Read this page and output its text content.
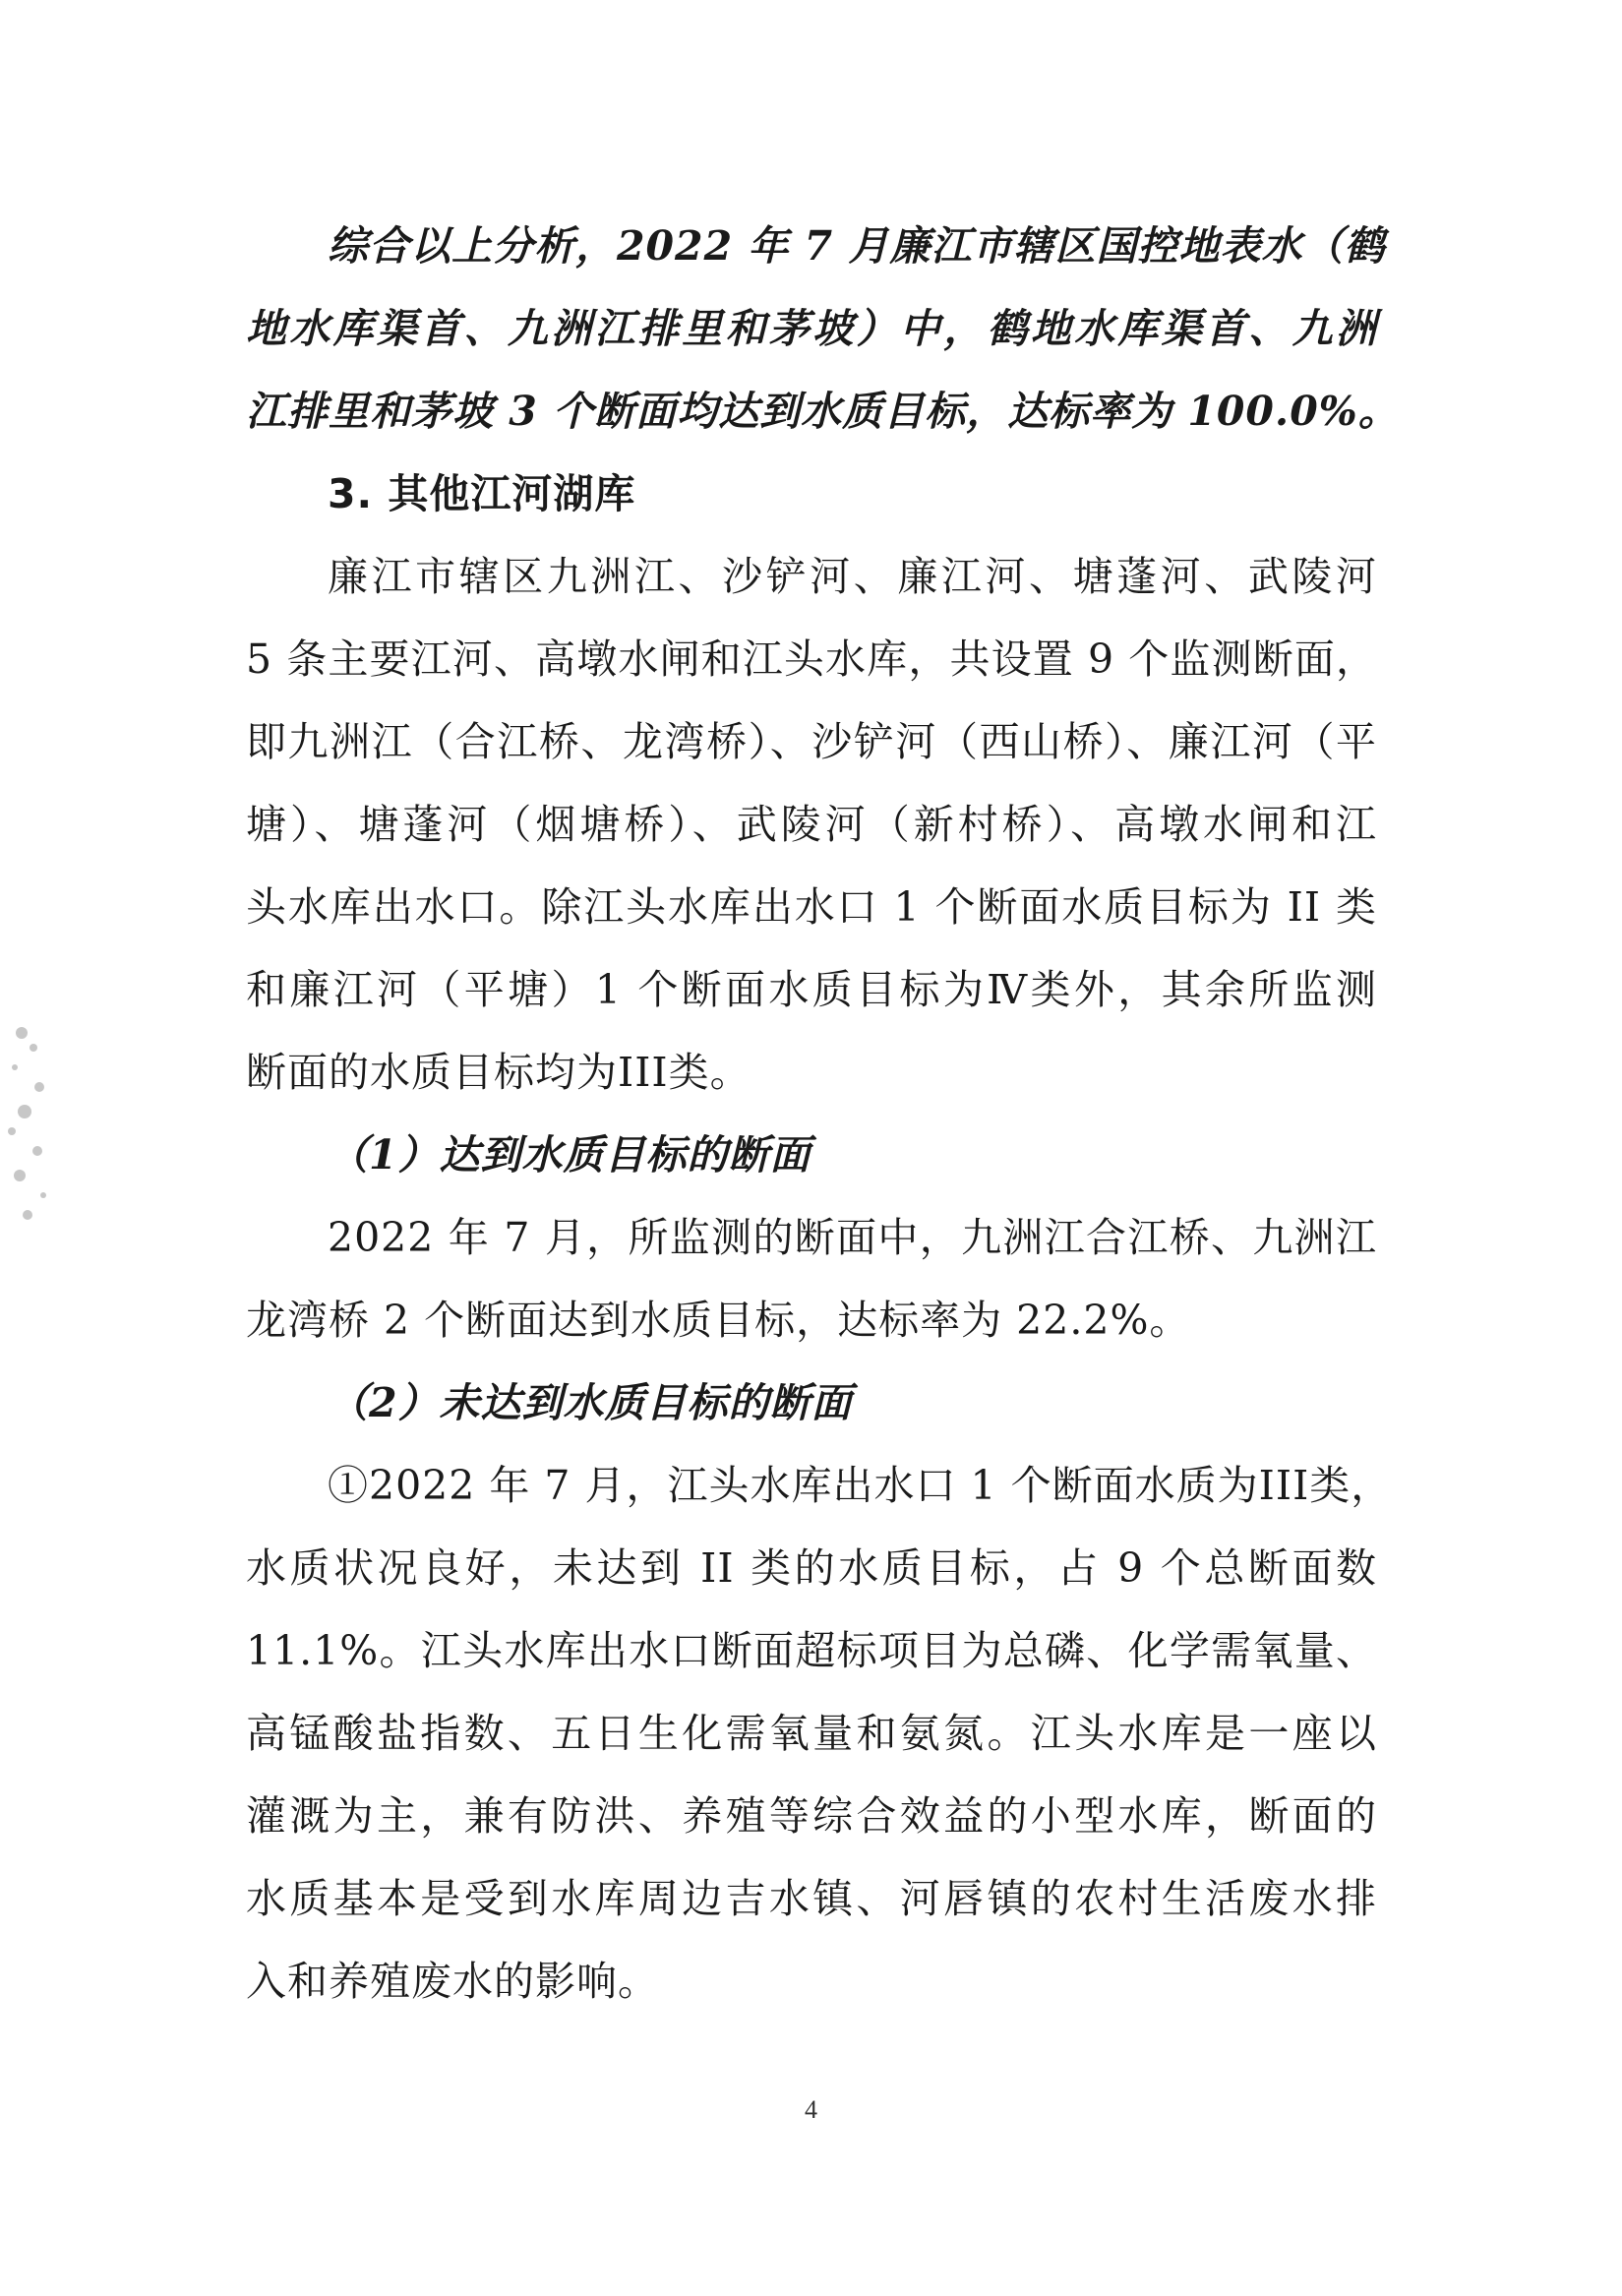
综合以上分析，2022 年 7 月廉江市辖区国控地表水（鹤
地水库渠首、九洲江排里和茅坡）中，鹤地水库渠首、九洲
江排里和茅坡 3 个断面均达到水质目标，达标率为 100.0%。
3. 其他江河湖库
廉江市辖区九洲江、沙铲河、廉江河、塘蓬河、武陵河
5 条主要江河、高墩水闸和江头水库，共设置 9 个监测断面，
即九洲江（合江桥、龙湾桥）、沙铲河（西山桥）、廉江河（平
塘）、塘蓬河（烟塘桥）、武陵河（新村桥）、高墩水闸和江
头水库出水口。除江头水库出水口 1 个断面水质目标为 II 类
和廉江河（平塘）1 个断面水质目标为Ⅳ类外，其余所监测
断面的水质目标均为III类。
（1）达到水质目标的断面
2022 年 7 月，所监测的断面中，九洲江合江桥、九洲江
龙湾桥 2 个断面达到水质目标，达标率为 22.2%。
（2）未达到水质目标的断面
①2022 年 7 月，江头水库出水口 1 个断面水质为III类，
水质状况良好，未达到 II 类的水质目标，占 9 个总断面数
11.1%。江头水库出水口断面超标项目为总磷、化学需氧量、
高锰酸盐指数、五日生化需氧量和氨氮。江头水库是一座以
灌溉为主，兼有防洪、养殖等综合效益的小型水库，断面的
水质基本是受到水库周边吉水镇、河唇镇的农村生活废水排
入和养殖废水的影响。
4
